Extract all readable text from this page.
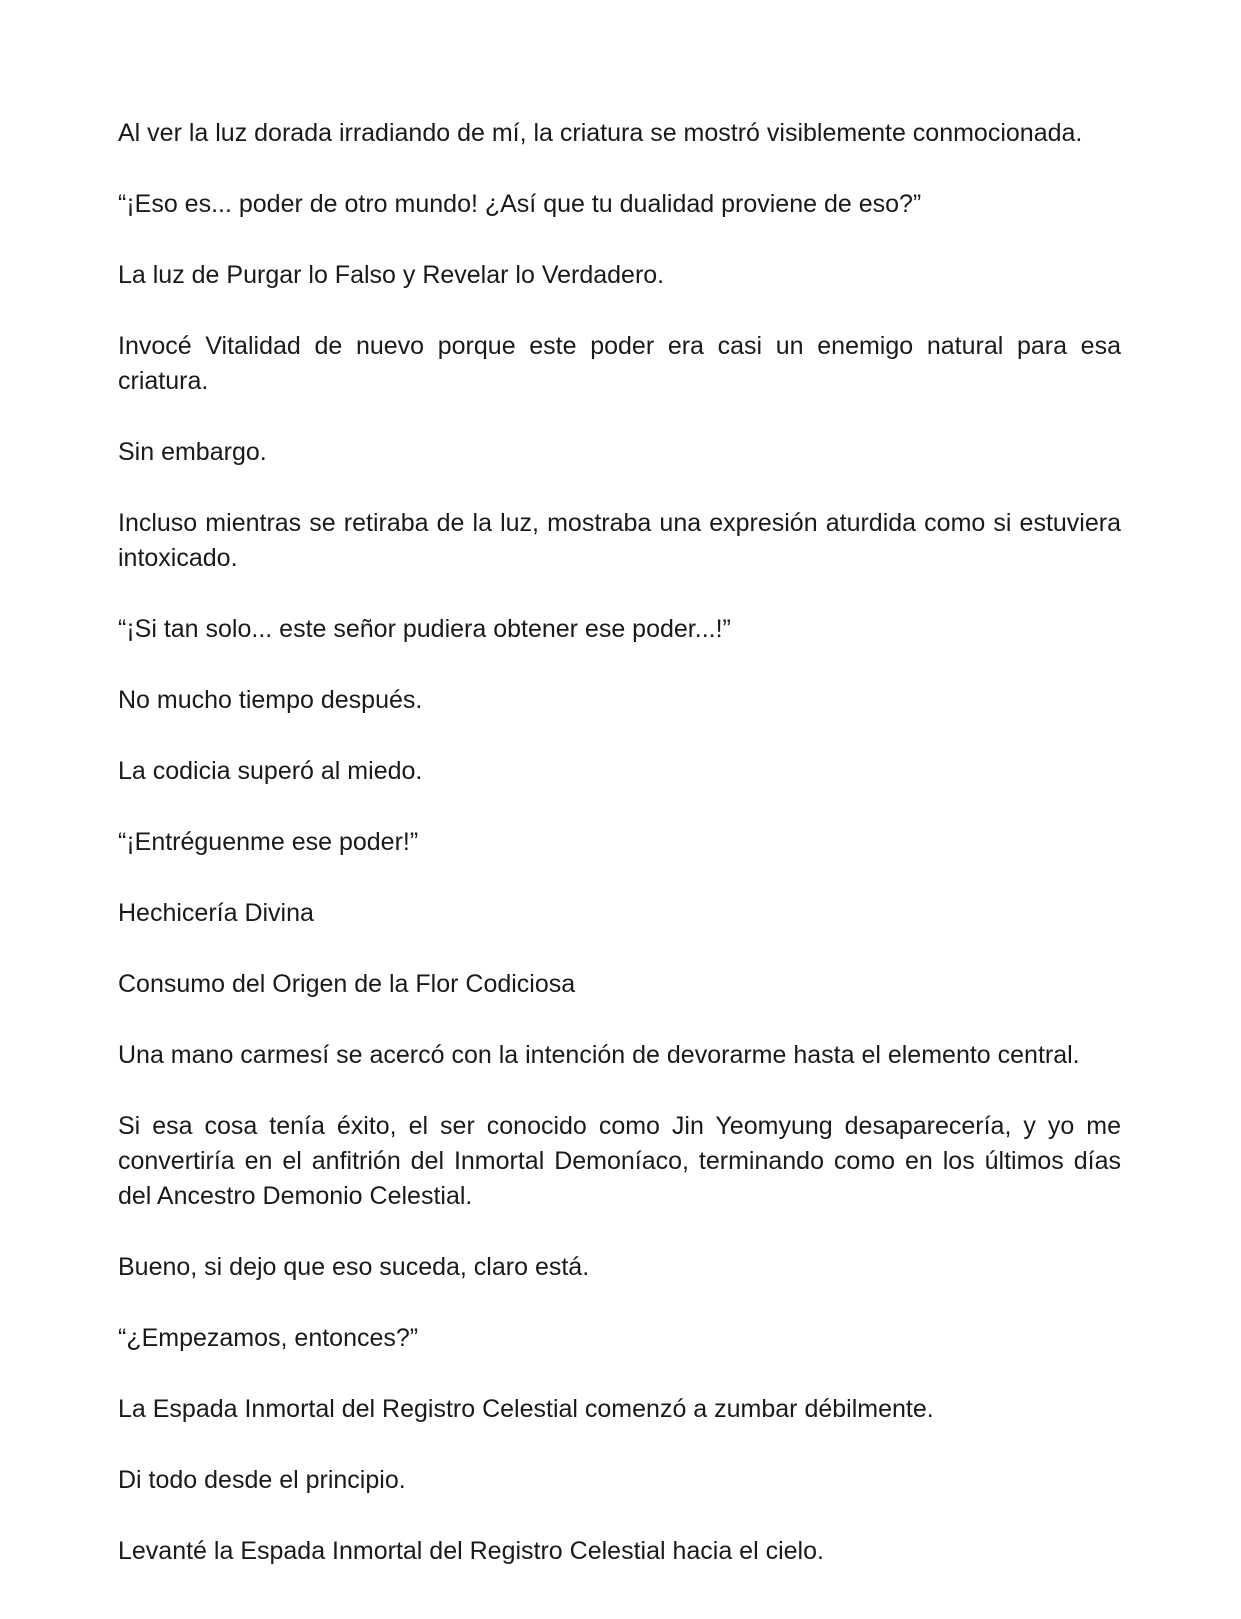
Al ver la luz dorada irradiando de mí, la criatura se mostró visiblemente conmocionada.

“¡Eso es... poder de otro mundo! ¿Así que tu dualidad proviene de eso?”

La luz de Purgar lo Falso y Revelar lo Verdadero.

Invocé Vitalidad de nuevo porque este poder era casi un enemigo natural para esa criatura.

Sin embargo.

Incluso mientras se retiraba de la luz, mostraba una expresión aturdida como si estuviera intoxicado.

“¡Si tan solo... este señor pudiera obtener ese poder...!”

No mucho tiempo después.

La codicia superó al miedo.

“¡Entréguenme ese poder!”

Hechicería Divina

Consumo del Origen de la Flor Codiciosa

Una mano carmesí se acercó con la intención de devorarme hasta el elemento central.

Si esa cosa tenía éxito, el ser conocido como Jin Yeomyung desaparecería, y yo me convertiría en el anfitrión del Inmortal Demoníaco, terminando como en los últimos días del Ancestro Demonio Celestial.

Bueno, si dejo que eso suceda, claro está.

“¿Empezamos, entonces?”

La Espada Inmortal del Registro Celestial comenzó a zumbar débilmente.

Di todo desde el principio.

Levanté la Espada Inmortal del Registro Celestial hacia el cielo.
